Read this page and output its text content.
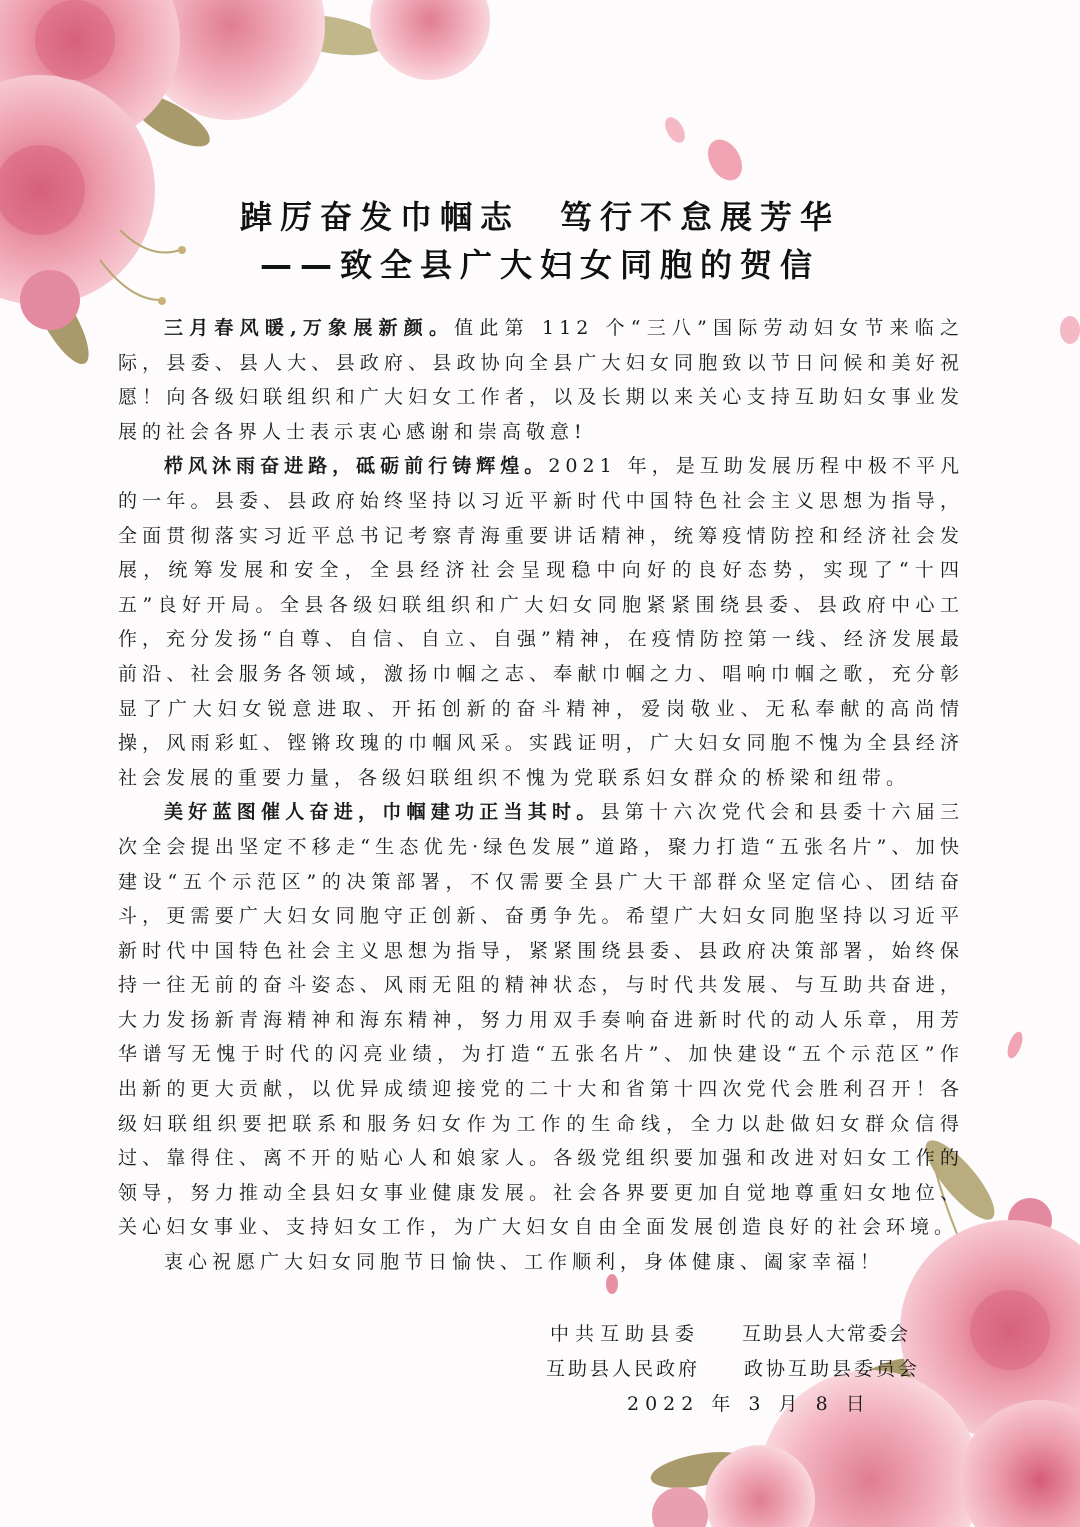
踔厉奋发巾帼志 笃行不怠展芳华
——致全县广大妇女同胞的贺信

三月春风暖,万象展新颜。值此第 112 个“三八”国际劳动妇女节来临之际，县委、县人大、县政府、县政协向全县广大妇女同胞致以节日问候和美好祝愿！向各级妇联组织和广大妇女工作者，以及长期以来关心支持互助妇女事业发展的社会各界人士表示衷心感谢和崇高敬意!

栉风沐雨奋进路，砥砺前行铸辉煌。2021 年，是互助发展历程中极不平凡的一年。县委、县政府始终坚持以习近平新时代中国特色社会主义思想为指导，全面贯彻落实习近平总书记考察青海重要讲话精神，统筹疫情防控和经济社会发展，统筹发展和安全，全县经济社会呈现稳中向好的良好态势，实现了“十四五”良好开局。全县各级妇联组织和广大妇女同胞紧紧围绕县委、县政府中心工作，充分发扬“自尊、自信、自立、自强”精神，在疫情防控第一线、经济发展最前沿、社会服务各领域，激扬巾帼之志、奉献巾帼之力、唱响巾帼之歌，充分彰显了广大妇女锐意进取、开拓创新的奋斗精神，爱岗敬业、无私奉献的高尚情操，风雨彩虹、铿锵玫瑰的巾帼风采。实践证明，广大妇女同胞不愧为全县经济社会发展的重要力量，各级妇联组织不愧为党联系妇女群众的桥梁和纽带。

美好蓝图催人奋进，巾帼建功正当其时。县第十六次党代会和县委十六届三次全会提出坚定不移走“生态优先·绿色发展”道路，聚力打造“五张名片”、加快建设“五个示范区”的决策部署，不仅需要全县广大干部群众坚定信心、团结奋斗，更需要广大妇女同胞守正创新、奋勇争先。希望广大妇女同胞坚持以习近平新时代中国特色社会主义思想为指导，紧紧围绕县委、县政府决策部署，始终保持一往无前的奋斗姿态、风雨无阻的精神状态，与时代共发展、与互助共奋进，大力发扬新青海精神和海东精神，努力用双手奏响奋进新时代的动人乐章，用芳华谱写无愧于时代的闪亮业绩，为打造“五张名片”、加快建设“五个示范区”作出新的更大贡献，以优异成绩迎接党的二十大和省第十四次党代会胜利召开！各级妇联组织要把联系和服务妇女作为工作的生命线，全力以赴做妇女群众信得过、靠得住、离不开的贴心人和娘家人。各级党组织要加强和改进对妇女工作的领导，努力推动全县妇女事业健康发展。社会各界要更加自觉地尊重妇女地位、关心妇女事业、支持妇女工作，为广大妇女自由全面发展创造良好的社会环境。

衷心祝愿广大妇女同胞节日愉快、工作顺利，身体健康、阖家幸福！

中共互助县委 互助县人大常委会
互助县人民政府 政协互助县委员会
2022 年 3 月 8 日
